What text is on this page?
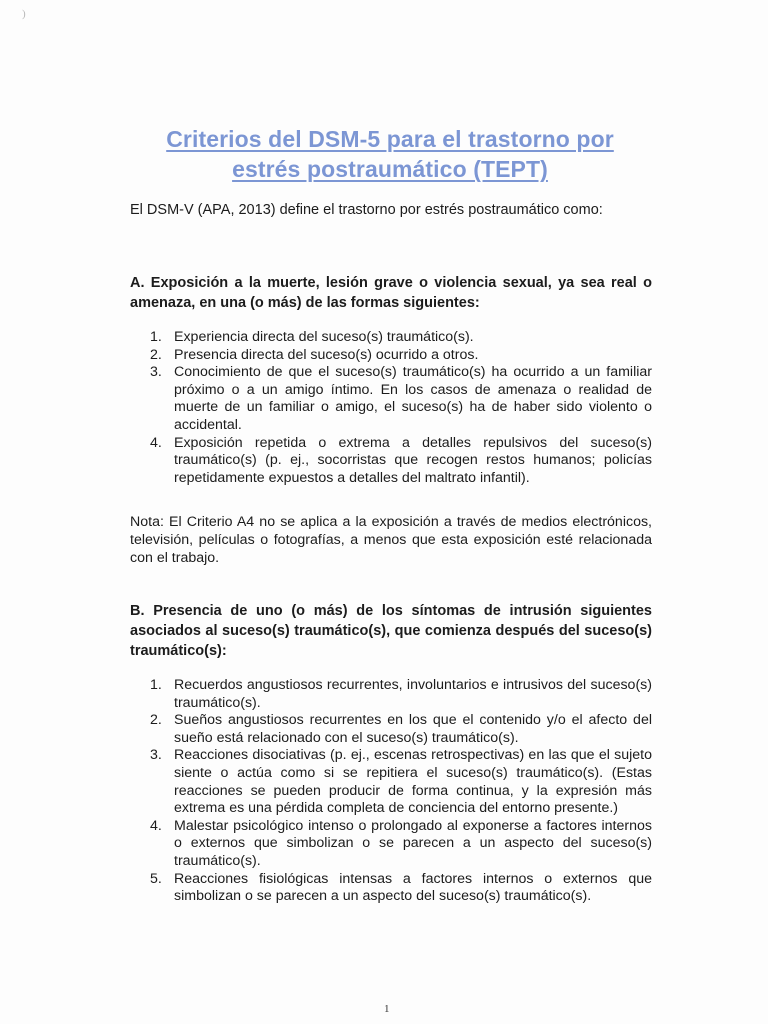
)
Criterios del DSM-5 para el trastorno por
estrés postraumático (TEPT)

El DSM-V (APA, 2013) define el trastorno por estrés postraumático como:

A. Exposición a la muerte, lesión grave o violencia sexual, ya sea real o amenaza, en una (o más) de las formas siguientes:

1. Experiencia directa del suceso(s) traumático(s).
2. Presencia directa del suceso(s) ocurrido a otros.
3. Conocimiento de que el suceso(s) traumático(s) ha ocurrido a un familiar próximo o a un amigo íntimo. En los casos de amenaza o realidad de muerte de un familiar o amigo, el suceso(s) ha de haber sido violento o accidental.
4. Exposición repetida o extrema a detalles repulsivos del suceso(s) traumático(s) (p. ej., socorristas que recogen restos humanos; policías repetidamente expuestos a detalles del maltrato infantil).

Nota: El Criterio A4 no se aplica a la exposición a través de medios electrónicos, televisión, películas o fotografías, a menos que esta exposición esté relacionada con el trabajo.

B. Presencia de uno (o más) de los síntomas de intrusión siguientes asociados al suceso(s) traumático(s), que comienza después del suceso(s) traumático(s):

1. Recuerdos angustiosos recurrentes, involuntarios e intrusivos del suceso(s) traumático(s).
2. Sueños angustiosos recurrentes en los que el contenido y/o el afecto del sueño está relacionado con el suceso(s) traumático(s).
3. Reacciones disociativas (p. ej., escenas retrospectivas) en las que el sujeto siente o actúa como si se repitiera el suceso(s) traumático(s). (Estas reacciones se pueden producir de forma continua, y la expresión más extrema es una pérdida completa de conciencia del entorno presente.)
4. Malestar psicológico intenso o prolongado al exponerse a factores internos o externos que simbolizan o se parecen a un aspecto del suceso(s) traumático(s).
5. Reacciones fisiológicas intensas a factores internos o externos que simbolizan o se parecen a un aspecto del suceso(s) traumático(s).
1
